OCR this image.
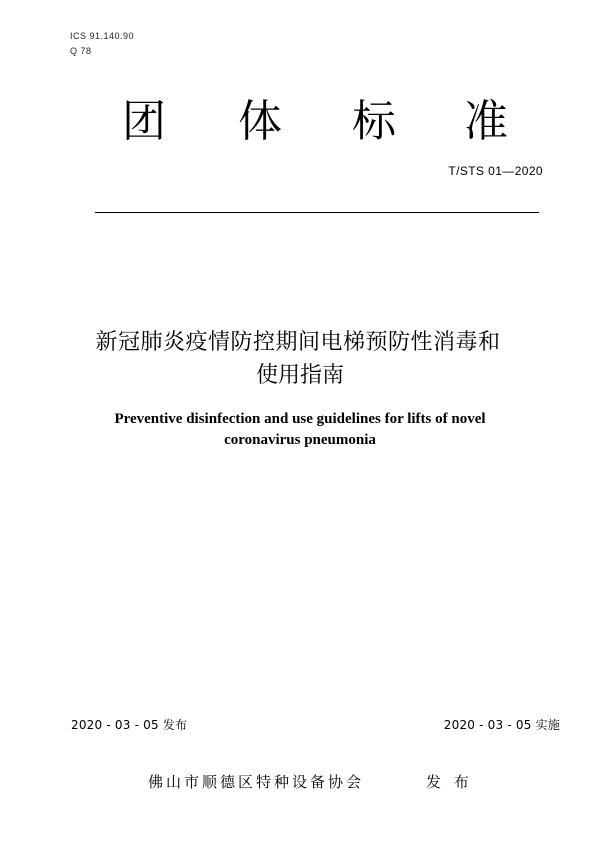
ICS 91.140.90
Q 78
团 体 标 准
T/STS 01—2020
新冠肺炎疫情防控期间电梯预防性消毒和
使用指南
Preventive disinfection and use guidelines for lifts of novel
coronavirus pneumonia
2020 - 03 - 05 发布	2020 - 03 - 05 实施
佛山市顺德区特种设备协会	发 布
